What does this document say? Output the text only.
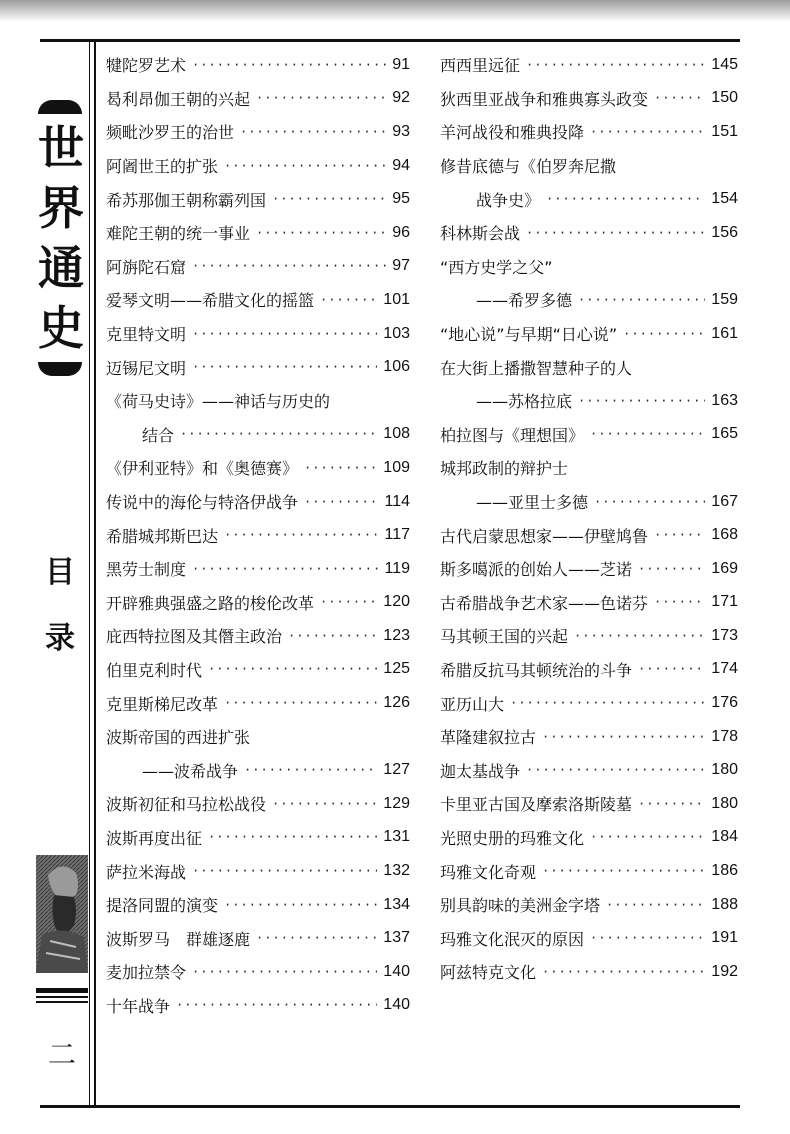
世
界
通
史
目
录
二
犍陀罗艺术 ·····	91
曷利昂伽王朝的兴起 ·····	92
频毗沙罗王的治世 ·····	93
阿阇世王的扩张 ·····	94
希苏那伽王朝称霸列国 ·····	95
难陀王朝的统一事业 ·····	96
阿旃陀石窟 ·····	97
爱琴文明——希腊文化的摇篮 ·····	101
克里特文明 ·····	103
迈锡尼文明 ·····	106
《荷马史诗》——神话与历史的
结合 ·····	108
《伊利亚特》和《奥德赛》 ·····	109
传说中的海伦与特洛伊战争 ·····	114
希腊城邦斯巴达 ·····	117
黑劳士制度 ·····	119
开辟雅典强盛之路的梭伦改革 ·····	120
庇西特拉图及其僭主政治 ·····	123
伯里克利时代 ·····	125
克里斯梯尼改革 ·····	126
波斯帝国的西进扩张
——波希战争 ·····	127
波斯初征和马拉松战役 ·····	129
波斯再度出征 ·····	131
萨拉米海战 ·····	132
提洛同盟的演变 ·····	134
波斯罗马　群雄逐鹿 ·····	137
麦加拉禁令 ·····	140
十年战争 ·····	140
西西里远征 ·····	145
狄西里亚战争和雅典寡头政变 ·····	150
羊河战役和雅典投降 ·····	151
修昔底德与《伯罗奔尼撒
战争史》 ·····	154
科林斯会战 ·····	156
“西方史学之父”
——希罗多德 ·····	159
“地心说”与早期“日心说” ·····	161
在大街上播撒智慧种子的人
——苏格拉底 ·····	163
柏拉图与《理想国》 ·····	165
城邦政制的辩护士
——亚里士多德 ·····	167
古代启蒙思想家——伊壁鸠鲁 ·····	168
斯多噶派的创始人——芝诺 ·····	169
古希腊战争艺术家——色诺芬 ·····	171
马其顿王国的兴起 ·····	173
希腊反抗马其顿统治的斗争 ·····	174
亚历山大 ·····	176
革隆建叙拉古 ·····	178
迦太基战争 ·····	180
卡里亚古国及摩索洛斯陵墓 ·····	180
光照史册的玛雅文化 ·····	184
玛雅文化奇观 ·····	186
别具韵味的美洲金字塔 ·····	188
玛雅文化泯灭的原因 ·····	191
阿兹特克文化 ·····	192
